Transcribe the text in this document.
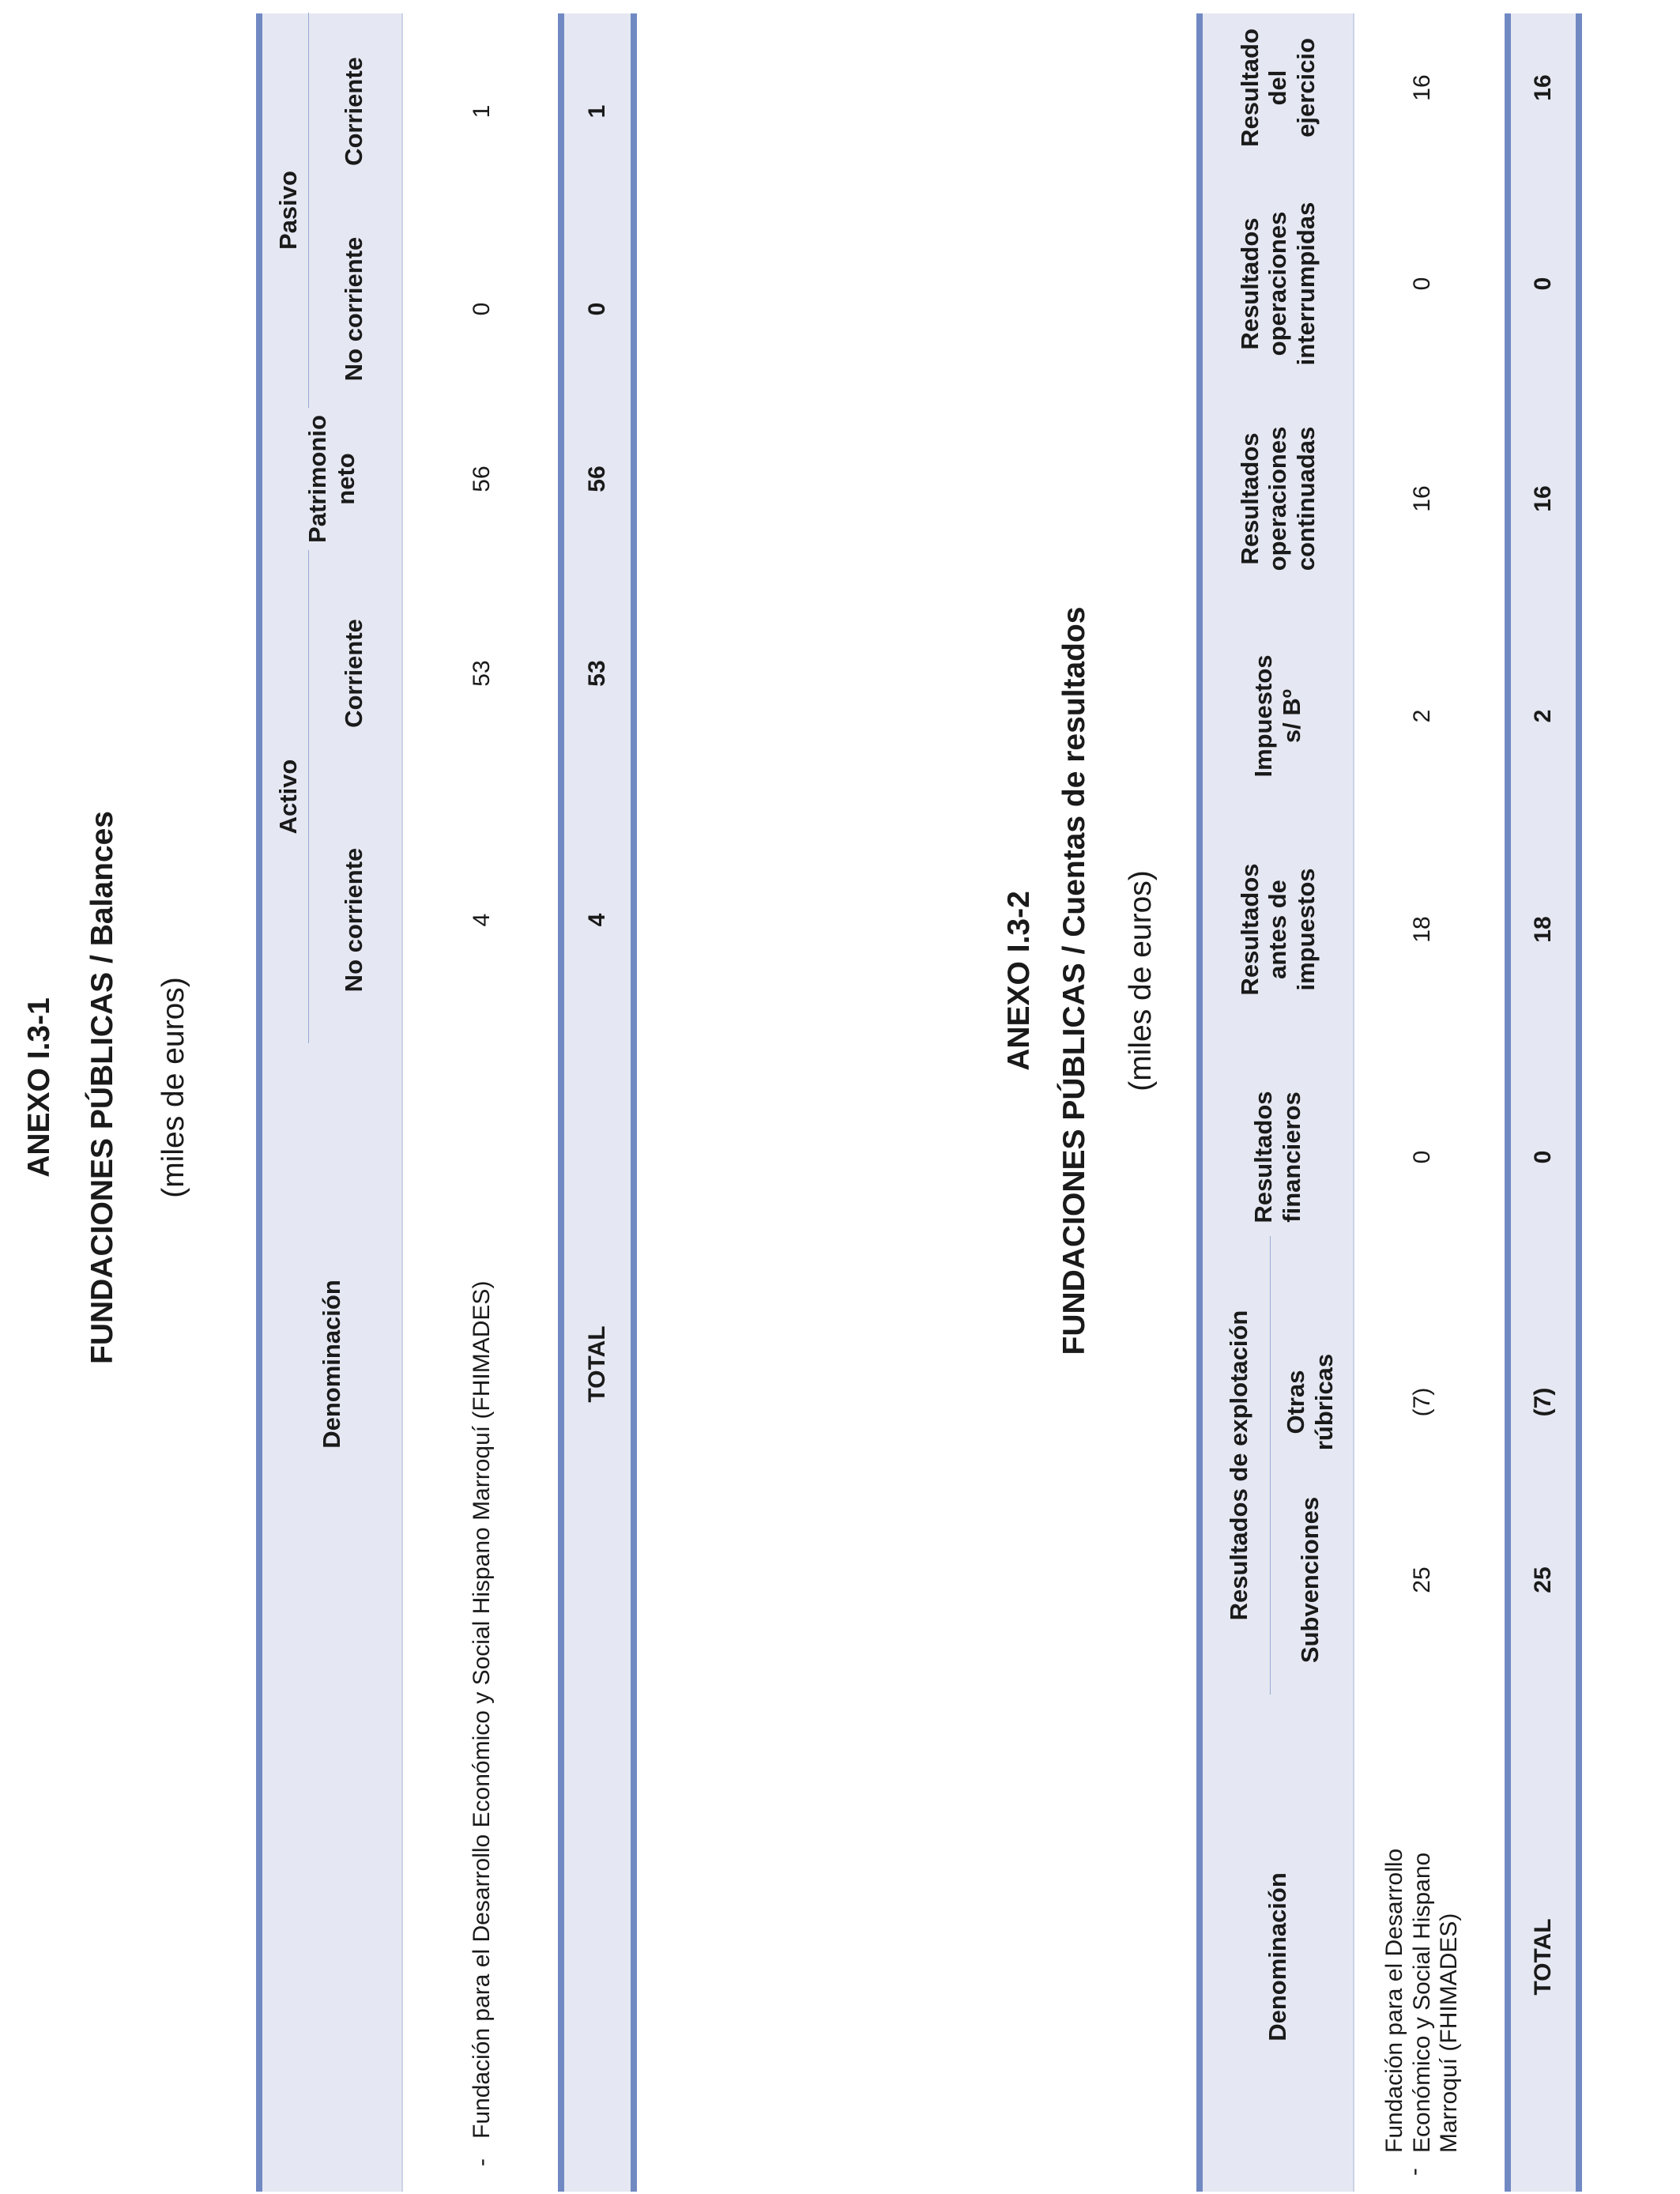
ANEXO I.3-1 FUNDACIONES PÚBLICAS / Balances (miles de euros)
Denominación
Activo
Pasivo
No corriente
Corriente
Patrimonio neto
No corriente
Corriente
-
Fundación para el Desarrollo Económico y Social Hispano Marroquí (FHIMADES)
4
53
56
0
1
TOTAL
4
53
56
0
1
ANEXO I.3-2 FUNDACIONES PÚBLICAS / Cuentas de resultados (miles de euros)
Denominación
Resultados de explotación	Subvenciones
Otras rúbricas
Resultados financieros
Resultados antes de impuestos
Impuestos s/ Bº
Resultados operaciones continuadas
Resultados operaciones interrumpidas
Resultado del ejercicio
-
Fundación para el Desarrollo Económico y Social Hispano Marroquí (FHIMADES)
25
(7)
0
18
2
16
0
16
TOTAL
25
(7)
0
18
2
16
0
16
